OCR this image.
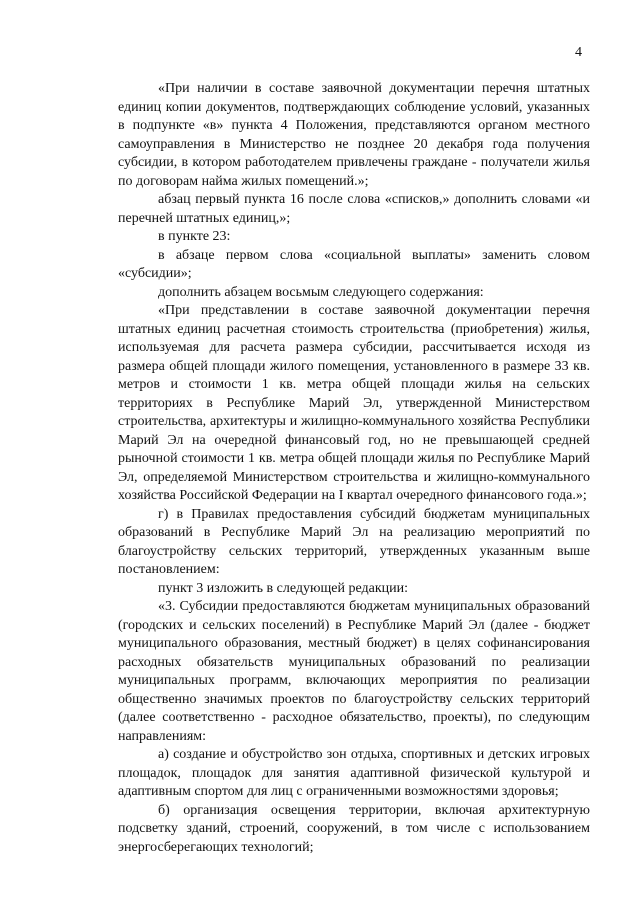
4

«При наличии в составе заявочной документации перечня штатных единиц копии документов, подтверждающих соблюдение условий, указанных в подпункте «в» пункта 4 Положения, представляются органом местного самоуправления в Министерство не позднее 20 декабря года получения субсидии, в котором работодателем привлечены граждане - получатели жилья по договорам найма жилых помещений.»;

абзац первый пункта 16 после слова «списков,» дополнить словами «и перечней штатных единиц,»;

в пункте 23:

в абзаце первом слова «социальной выплаты» заменить словом «субсидии»;

дополнить абзацем восьмым следующего содержания:

«При представлении в составе заявочной документации перечня штатных единиц расчетная стоимость строительства (приобретения) жилья, используемая для расчета размера субсидии, рассчитывается исходя из размера общей площади жилого помещения, установленного в размере 33 кв. метров и стоимости 1 кв. метра общей площади жилья на сельских территориях в Республике Марий Эл, утвержденной Министерством строительства, архитектуры и жилищно-коммунального хозяйства Республики Марий Эл на очередной финансовый год, но не превышающей средней рыночной стоимости 1 кв. метра общей площади жилья по Республике Марий Эл, определяемой Министерством строительства и жилищно-коммунального хозяйства Российской Федерации на I квартал очередного финансового года.»;

г) в Правилах предоставления субсидий бюджетам муниципальных образований в Республике Марий Эл на реализацию мероприятий по благоустройству сельских территорий, утвержденных указанным выше постановлением:

пункт 3 изложить в следующей редакции:

«3. Субсидии предоставляются бюджетам муниципальных образований (городских и сельских поселений) в Республике Марий Эл (далее - бюджет муниципального образования, местный бюджет) в целях софинансирования расходных обязательств муниципальных образований по реализации муниципальных программ, включающих мероприятия по реализации общественно значимых проектов по благоустройству сельских территорий (далее соответственно - расходное обязательство, проекты), по следующим направлениям:

а) создание и обустройство зон отдыха, спортивных и детских игровых площадок, площадок для занятия адаптивной физической культурой и адаптивным спортом для лиц с ограниченными возможностями здоровья;

б) организация освещения территории, включая архитектурную подсветку зданий, строений, сооружений, в том числе с использованием энергосберегающих технологий;
